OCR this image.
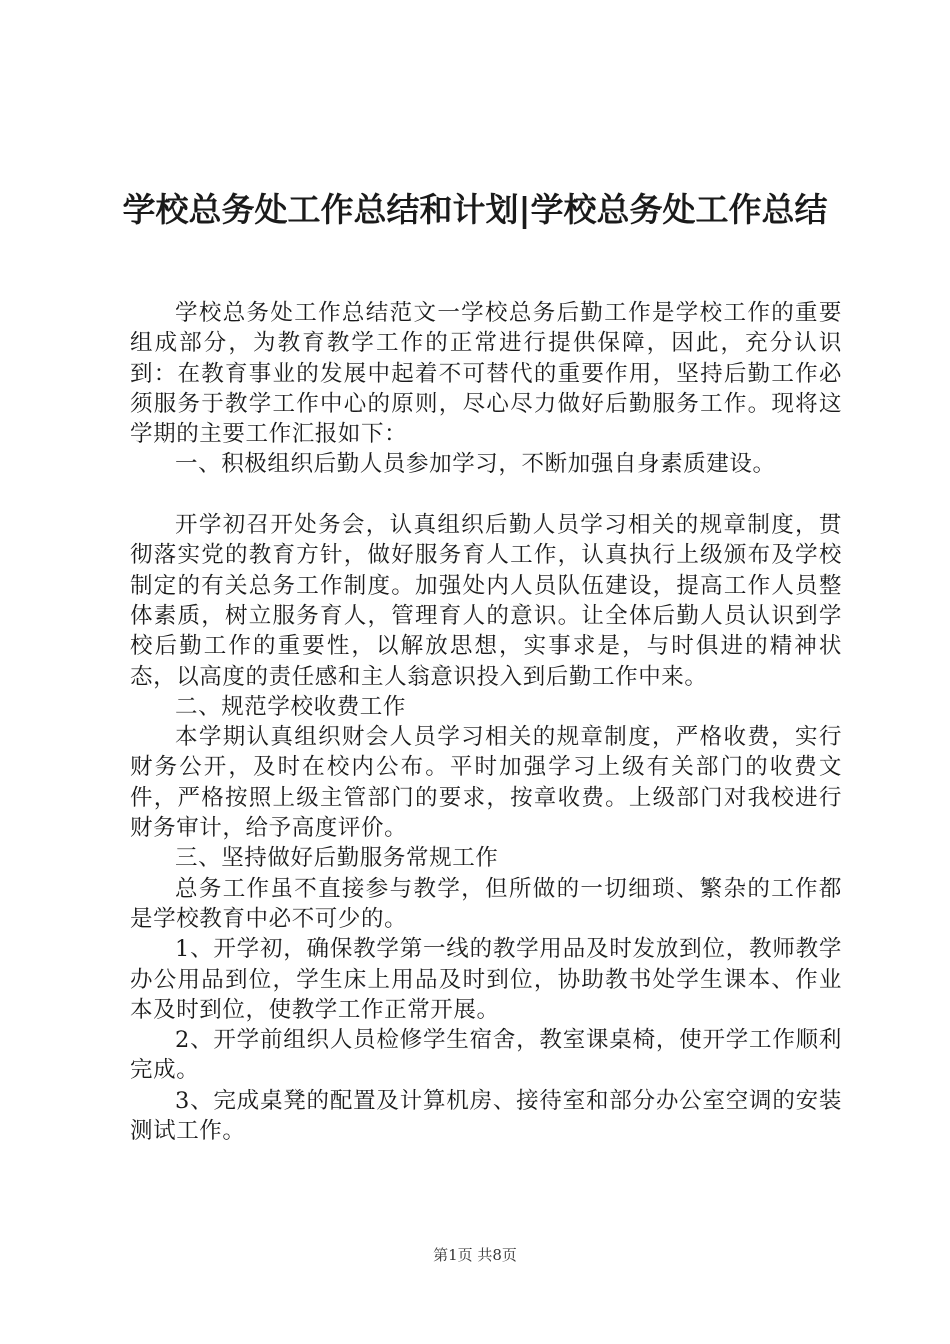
学校总务处工作总结和计划|学校总务处工作总结

学校总务处工作总结范文一学校总务后勤工作是学校工作的重要组成部分，为教育教学工作的正常进行提供保障，因此，充分认识到：在教育事业的发展中起着不可替代的重要作用，坚持后勤工作必须服务于教学工作中心的原则，尽心尽力做好后勤服务工作。现将这学期的主要工作汇报如下：

一、积极组织后勤人员参加学习，不断加强自身素质建设。

开学初召开处务会，认真组织后勤人员学习相关的规章制度，贯彻落实党的教育方针，做好服务育人工作，认真执行上级颁布及学校制定的有关总务工作制度。加强处内人员队伍建设，提高工作人员整体素质，树立服务育人，管理育人的意识。让全体后勤人员认识到学校后勤工作的重要性，以解放思想，实事求是，与时俱进的精神状态，以高度的责任感和主人翁意识投入到后勤工作中来。

二、规范学校收费工作

本学期认真组织财会人员学习相关的规章制度，严格收费，实行财务公开，及时在校内公布。平时加强学习上级有关部门的收费文件，严格按照上级主管部门的要求，按章收费。上级部门对我校进行财务审计，给予高度评价。

三、坚持做好后勤服务常规工作

总务工作虽不直接参与教学，但所做的一切细琐、繁杂的工作都是学校教育中必不可少的。

1、开学初，确保教学第一线的教学用品及时发放到位，教师教学办公用品到位，学生床上用品及时到位，协助教书处学生课本、作业本及时到位，使教学工作正常开展。

2、开学前组织人员检修学生宿舍，教室课桌椅，使开学工作顺利完成。

3、完成桌凳的配置及计算机房、接待室和部分办公室空调的安装测试工作。

第1页 共8页
